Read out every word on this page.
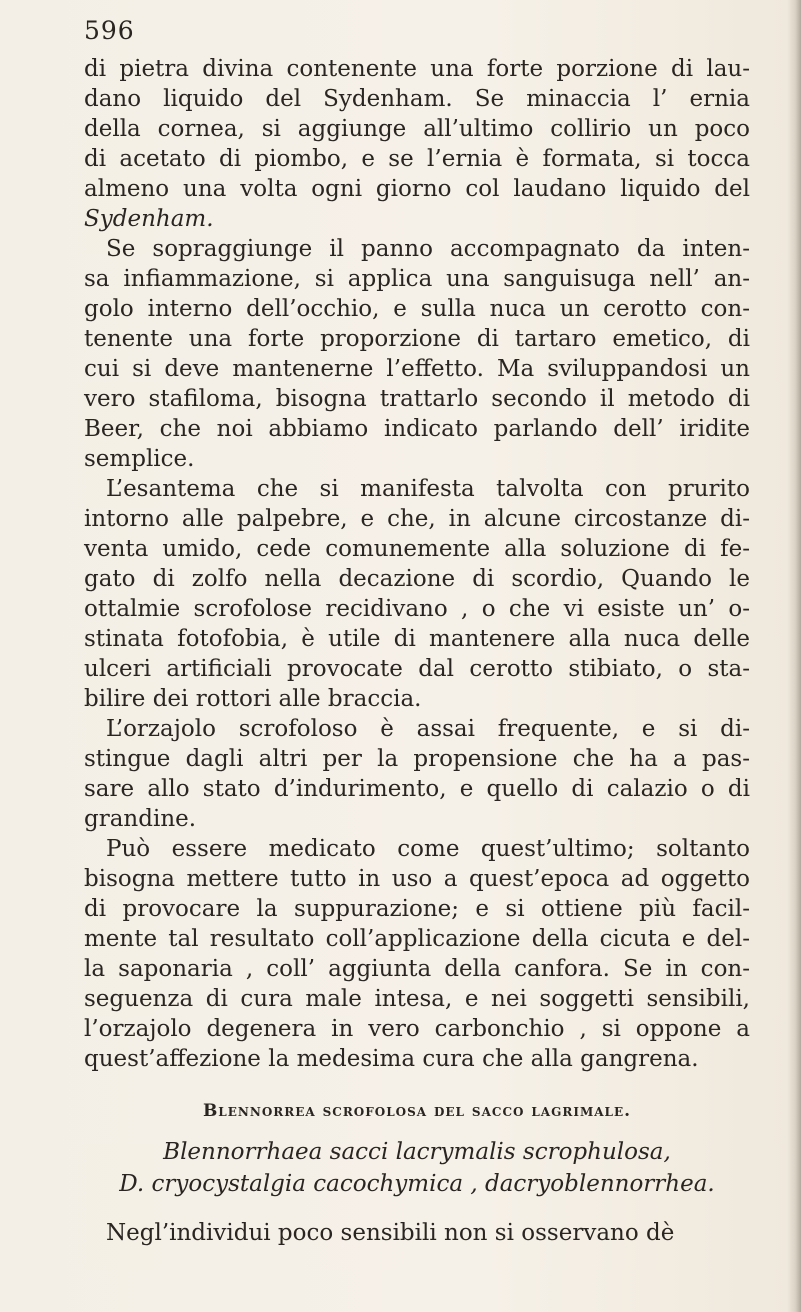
596

di pietra divina contenente una forte porzione di lau-
dano liquido del Sydenham. Se minaccia l’ ernia
della cornea, si aggiunge all’ultimo collirio un poco
di acetato di piombo, e se l’ernia è formata, si tocca
almeno una volta ogni giorno col laudano liquido del
Sydenham.

Se sopraggiunge il panno accompagnato da inten-
sa infiammazione, si applica una sanguisuga nell’ an-
golo interno dell’occhio, e sulla nuca un cerotto con-
tenente una forte proporzione di tartaro emetico, di
cui si deve mantenerne l’effetto. Ma sviluppandosi un
vero stafiloma, bisogna trattarlo secondo il metodo di
Beer, che noi abbiamo indicato parlando dell’ iridite
semplice.

L’esantema che si manifesta talvolta con prurito
intorno alle palpebre, e che, in alcune circostanze di-
venta umido, cede comunemente alla soluzione di fe-
gato di zolfo nella decazione di scordio, Quando le
ottalmie scrofolose recidivano , o che vi esiste un’ o-
stinata fotofobia, è utile di mantenere alla nuca delle
ulceri artificiali provocate dal cerotto stibiato, o sta-
bilire dei rottori alle braccia.

L’orzajolo scrofoloso è assai frequente, e si di-
stingue dagli altri per la propensione che ha a pas-
sare allo stato d’indurimento, e quello di calazio o di
grandine.

Può essere medicato come quest’ultimo; soltanto
bisogna mettere tutto in uso a quest’epoca ad oggetto
di provocare la suppurazione; e si ottiene più facil-
mente tal resultato coll’applicazione della cicuta e del-
la saponaria , coll’ aggiunta della canfora. Se in con-
seguenza di cura male intesa, e nei soggetti sensibili,
l’orzajolo degenera in vero carbonchio , si oppone a
quest’affezione la medesima cura che alla gangrena.

Blennorrea scrofolosa del sacco lagrimale.
Blennorrhaea sacci lacrymalis scrophulosa,
D. cryocystalgia cacochymica , dacryoblennorrhea.

Negl’individui poco sensibili non si osservano dè
